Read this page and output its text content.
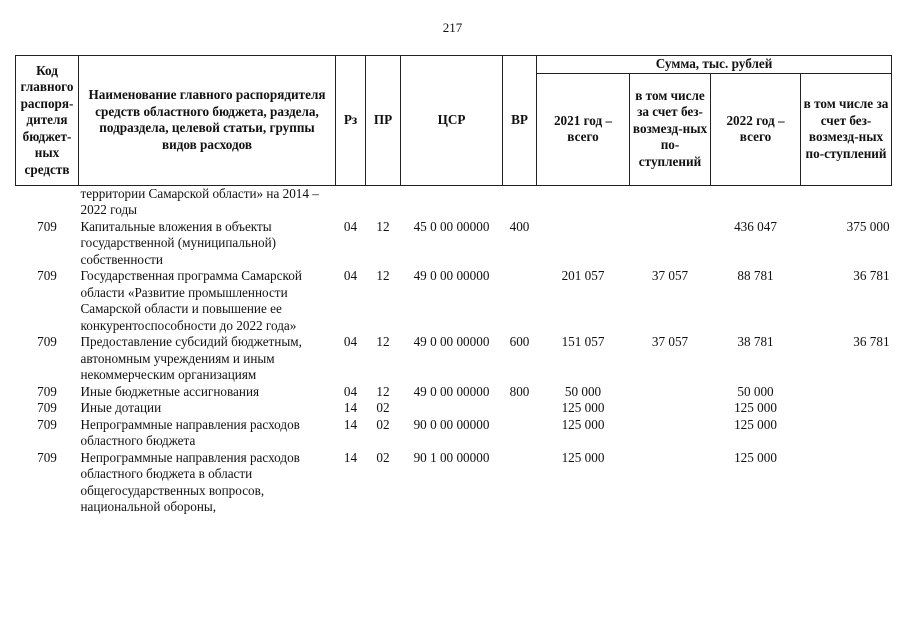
217
Код главного распоря-дителя бюджет-ных средств	Наименование главного распорядителя средств областного бюджета, раздела, подраздела, целевой статьи, группы видов расходов	Рз	ПР	ЦСР	ВР	Сумма, тыс. рублей			
						2021 год – всего	в том числе за счет без-возмезд-ных по-ступлений	2022 год – всего	в том числе за счет без-возмезд-ных по-ступлений
	территории Самарской области» на 2014 – 2022 годы								
709	Капитальные вложения в объекты государственной (муниципальной) собственности	04	12	45 0 00 00000	400			436 047	375 000
709	Государственная программа Самарской области «Развитие промышленности Самарской области и повышение ее конкурентоспособности до 2022 года»	04	12	49 0 00 00000		201 057	37 057	88 781	36 781
709	Предоставление субсидий бюджетным, автономным учреждениям и иным некоммерческим организациям	04	12	49 0 00 00000	600	151 057	37 057	38 781	36 781
709	Иные бюджетные ассигнования	04	12	49 0 00 00000	800	50 000		50 000	
709	Иные дотации	14	02			125 000		125 000	
709	Непрограммные направления расходов областного бюджета	14	02	90 0 00 00000		125 000		125 000	
709	Непрограммные направления расходов областного бюджета в области общегосударственных вопросов, национальной обороны,	14	02	90 1 00 00000		125 000		125 000	
